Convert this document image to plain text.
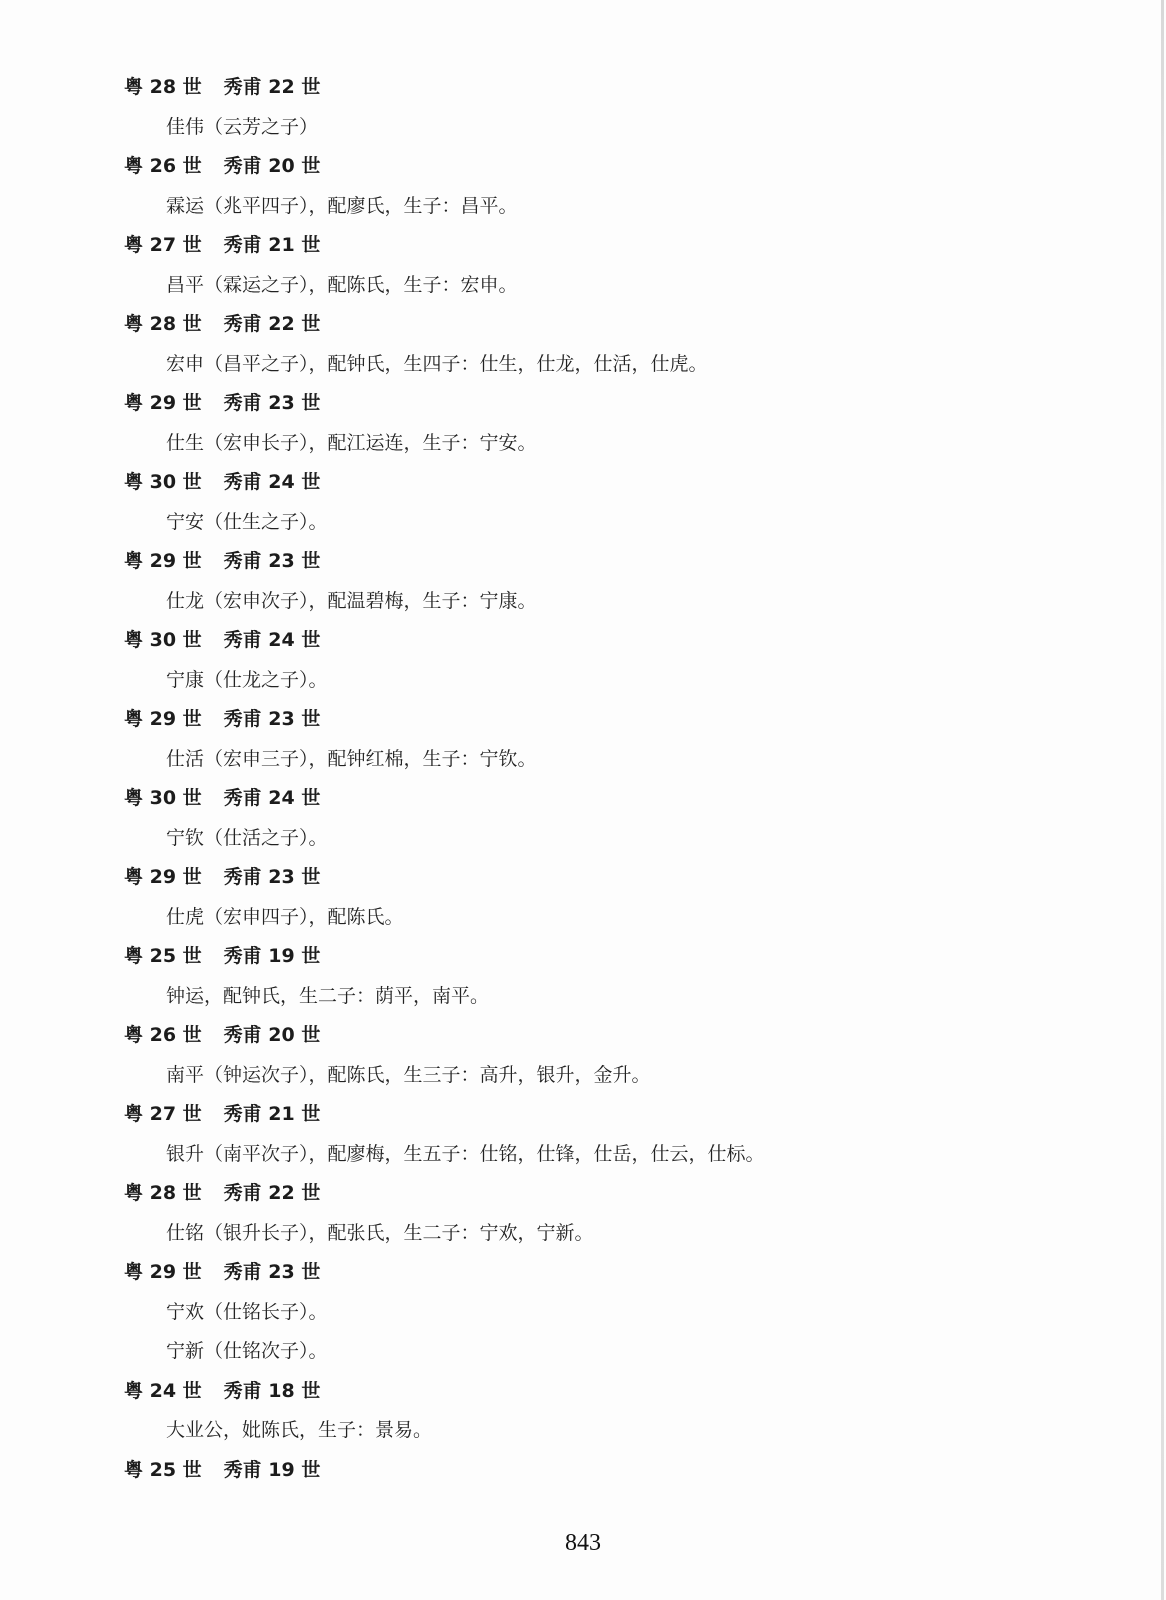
粤 28 世 秀甫 22 世
佳伟（云芳之子）
粤 26 世 秀甫 20 世
霖运（兆平四子），配廖氏，生子：昌平。
粤 27 世 秀甫 21 世
昌平（霖运之子），配陈氏，生子：宏申。
粤 28 世 秀甫 22 世
宏申（昌平之子），配钟氏，生四子：仕生，仕龙，仕活，仕虎。
粤 29 世 秀甫 23 世
仕生（宏申长子），配江运连，生子：宁安。
粤 30 世 秀甫 24 世
宁安（仕生之子）。
粤 29 世 秀甫 23 世
仕龙（宏申次子），配温碧梅，生子：宁康。
粤 30 世 秀甫 24 世
宁康（仕龙之子）。
粤 29 世 秀甫 23 世
仕活（宏申三子），配钟红棉，生子：宁钦。
粤 30 世 秀甫 24 世
宁钦（仕活之子）。
粤 29 世 秀甫 23 世
仕虎（宏申四子），配陈氏。
粤 25 世 秀甫 19 世
钟运，配钟氏，生二子：荫平，南平。
粤 26 世 秀甫 20 世
南平（钟运次子），配陈氏，生三子：高升，银升，金升。
粤 27 世 秀甫 21 世
银升（南平次子），配廖梅，生五子：仕铭，仕锋，仕岳，仕云，仕标。
粤 28 世 秀甫 22 世
仕铭（银升长子），配张氏，生二子：宁欢，宁新。
粤 29 世 秀甫 23 世
宁欢（仕铭长子）。
宁新（仕铭次子）。
粤 24 世 秀甫 18 世
大业公，妣陈氏，生子：景易。
粤 25 世 秀甫 19 世
843
